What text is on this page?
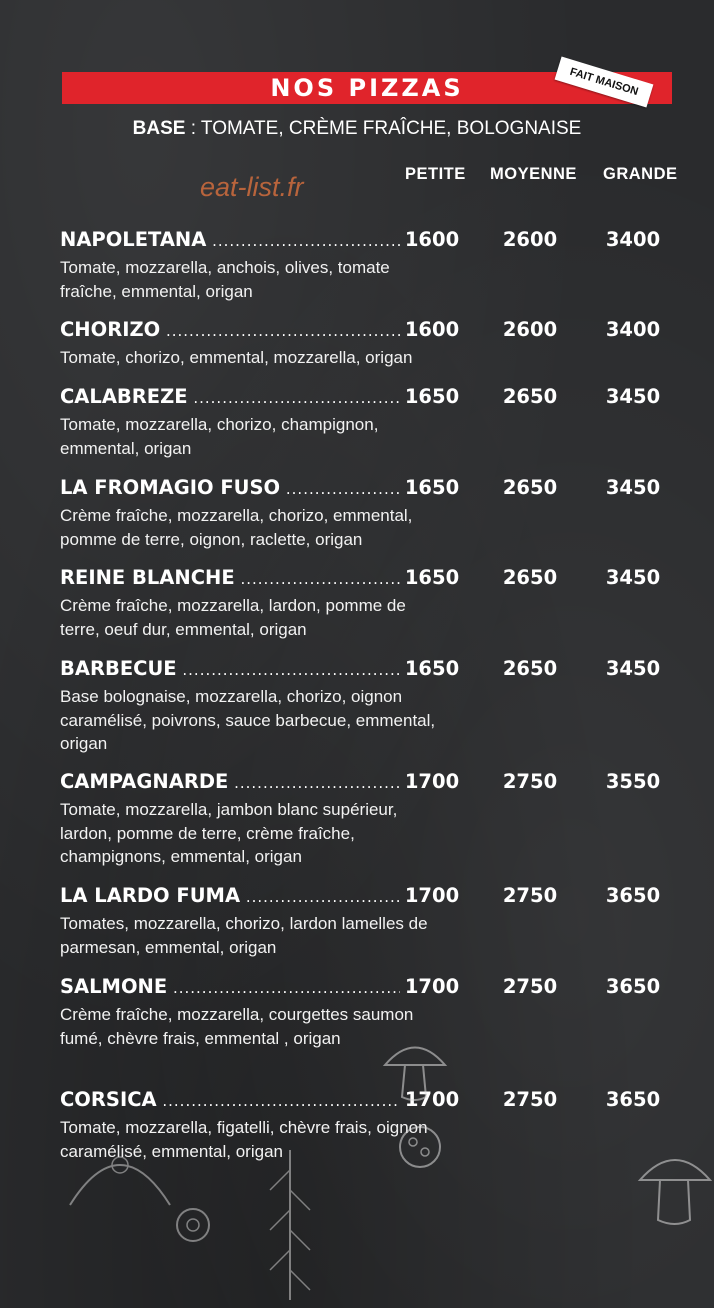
NOS PIZZAS	FAIT MAISON
BASE : TOMATE, CRÈME FRAÎCHE, BOLOGNAISE
eat-list.fr	PETITE MOYENNE GRANDE
NAPOLETANA .....	1600 2600 3400
Tomate, mozzarella, anchois, olives, tomate fraîche, emmental, origan
CHORIZO .....	1600 2600 3400
Tomate, chorizo, emmental, mozzarella, origan
CALABREZE .....	1650 2650 3450
Tomate, mozzarella, chorizo, champignon, emmental, origan
LA FROMAGIO FUSO .....	1650 2650 3450
Crème fraîche, mozzarella, chorizo, emmental, pomme de terre, oignon, raclette, origan
REINE BLANCHE .....	1650 2650 3450
Crème fraîche, mozzarella, lardon, pomme de terre, oeuf dur, emmental, origan
BARBECUE .....	1650 2650 3450
Base bolognaise, mozzarella, chorizo, oignon caramélisé, poivrons, sauce barbecue, emmental, origan
CAMPAGNARDE .....	1700 2750 3550
Tomate, mozzarella, jambon blanc supérieur, lardon, pomme de terre, crème fraîche, champignons, emmental, origan
LA LARDO FUMA .....	1700 2750 3650
Tomates, mozzarella, chorizo, lardon lamelles de parmesan, emmental, origan
SALMONE .....	1700 2750 3650
Crème fraîche, mozzarella, courgettes saumon fumé, chèvre frais, emmental , origan
CORSICA .....	1700 2750 3650
Tomate, mozzarella, figatelli, chèvre frais, oignon caramélisé, emmental, origan
